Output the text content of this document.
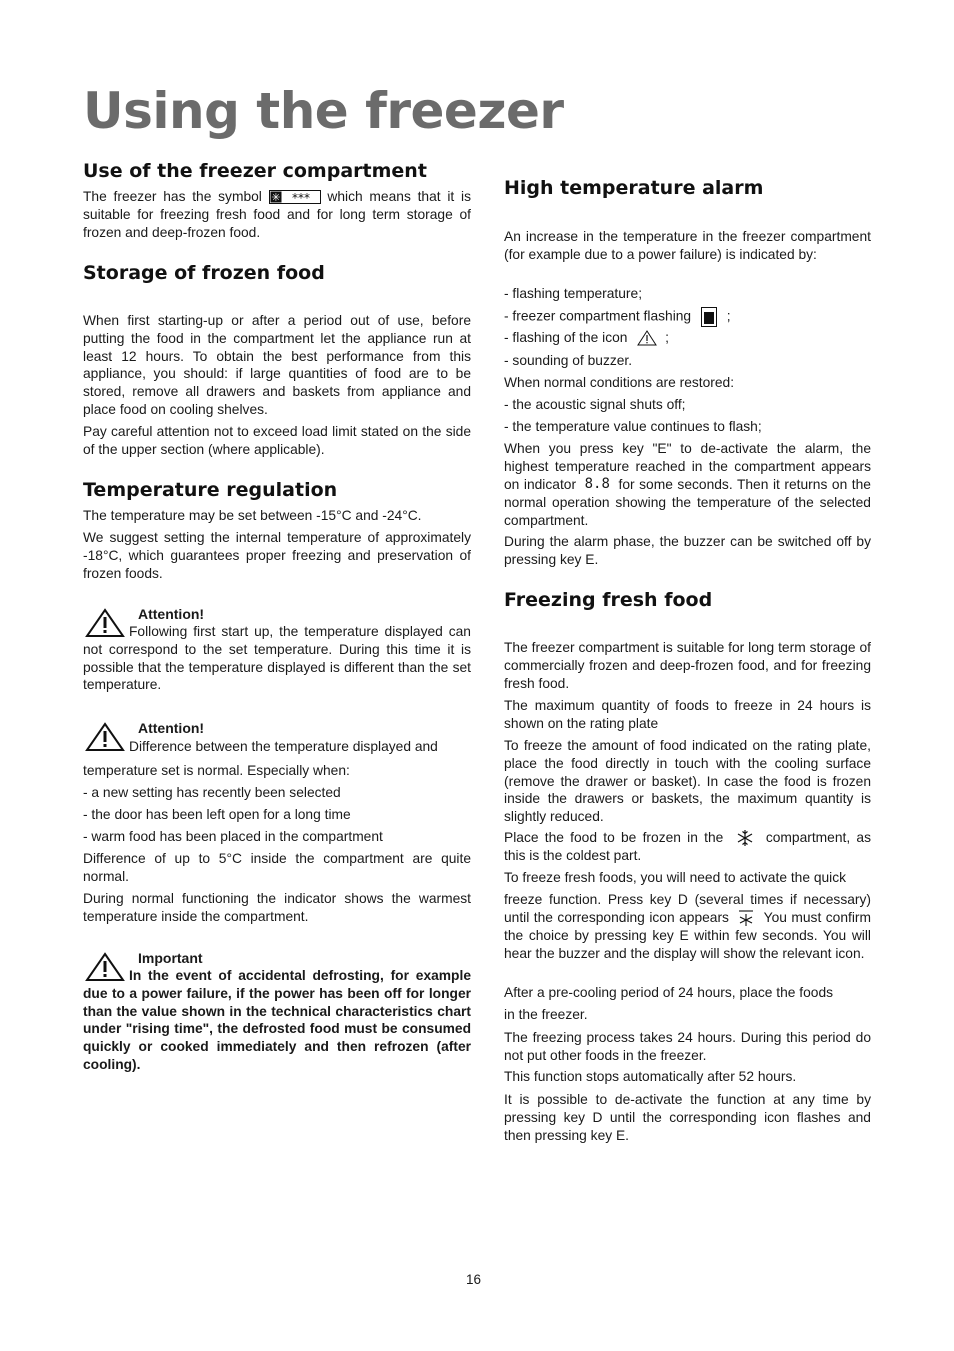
Using the freezer
Use of the freezer compartment

The freezer has the symbol ✳ *** which means that it is suitable for freezing fresh food and for long term storage of frozen and deep-frozen food.

Storage of frozen food

When first starting-up or after a period out of use, before putting the food in the compartment let the appliance run at least 12 hours. To obtain the best performance from this appliance, you should: if large quantities of food are to be stored, remove all drawers and baskets from appliance and place food on cooling shelves.

Pay careful attention not to exceed load limit stated on the side of the upper section (where applicable).

Temperature regulation

The temperature may be set between -15°C and -24°C.

We suggest setting the internal temperature of approximately -18°C, which guarantees proper freezing and preservation of frozen foods.

Attention!

Following first start up, the temperature displayed can not correspond to the set temperature. During this time it is possible that the temperature displayed is different than the set temperature.

Attention!

Difference between the temperature displayed and

temperature set is normal. Especially when:

- a new setting has recently been selected

- the door has been left open for a long time

- warm food has been placed in the compartment

Difference of up to 5°C inside the compartment are quite normal.

During normal functioning the indicator shows the warmest temperature inside the compartment.

Important

In the event of accidental defrosting, for example due to a power failure, if the power has been off for longer than the value shown in the technical characteristics chart under "rising time", the defrosted food must be consumed quickly or cooked immediately and then refrozen (after cooling).

High temperature alarm

An increase in the temperature in the freezer compartment (for example due to a power failure) is indicated by:

- flashing temperature;

- freezer compartment flashing	;

- flashing of the icon	;

- sounding of buzzer.

When normal conditions are restored:

- the acoustic signal shuts off;

- the temperature value continues to flash;

When you press key "E" to de-activate the alarm, the highest temperature reached in the compartment appears on indicator 8.8 for some seconds. Then it returns on the normal operation showing the temperature of the selected compartment.

During the alarm phase, the buzzer can be switched off by pressing key E.

Freezing fresh food

The freezer compartment is suitable for long term storage of commercially frozen and deep-frozen food, and for freezing fresh food.

The maximum quantity of foods to freeze in 24 hours is shown on the rating plate

To freeze the amount of food indicated on the rating plate, place the food directly in touch with the cooling surface (remove the drawer or basket). In case the food is frozen inside the drawers or baskets, the maximum quantity is slightly reduced.

Place the food to be frozen in the	compartment, as this is the coldest part.

To freeze fresh foods, you will need to activate the quick

freeze function. Press key D (several times if necessary) until the corresponding icon appears	You must confirm the choice by pressing key E within few seconds. You will hear the buzzer and the display will show the relevant icon.

After a pre-cooling period of 24 hours, place the foods

in the freezer.

The freezing process takes 24 hours. During this period do not put other foods in the freezer.

This function stops automatically after 52 hours.

It is possible to de-activate the function at any time by pressing key D until the corresponding icon flashes and then pressing key E.

16
